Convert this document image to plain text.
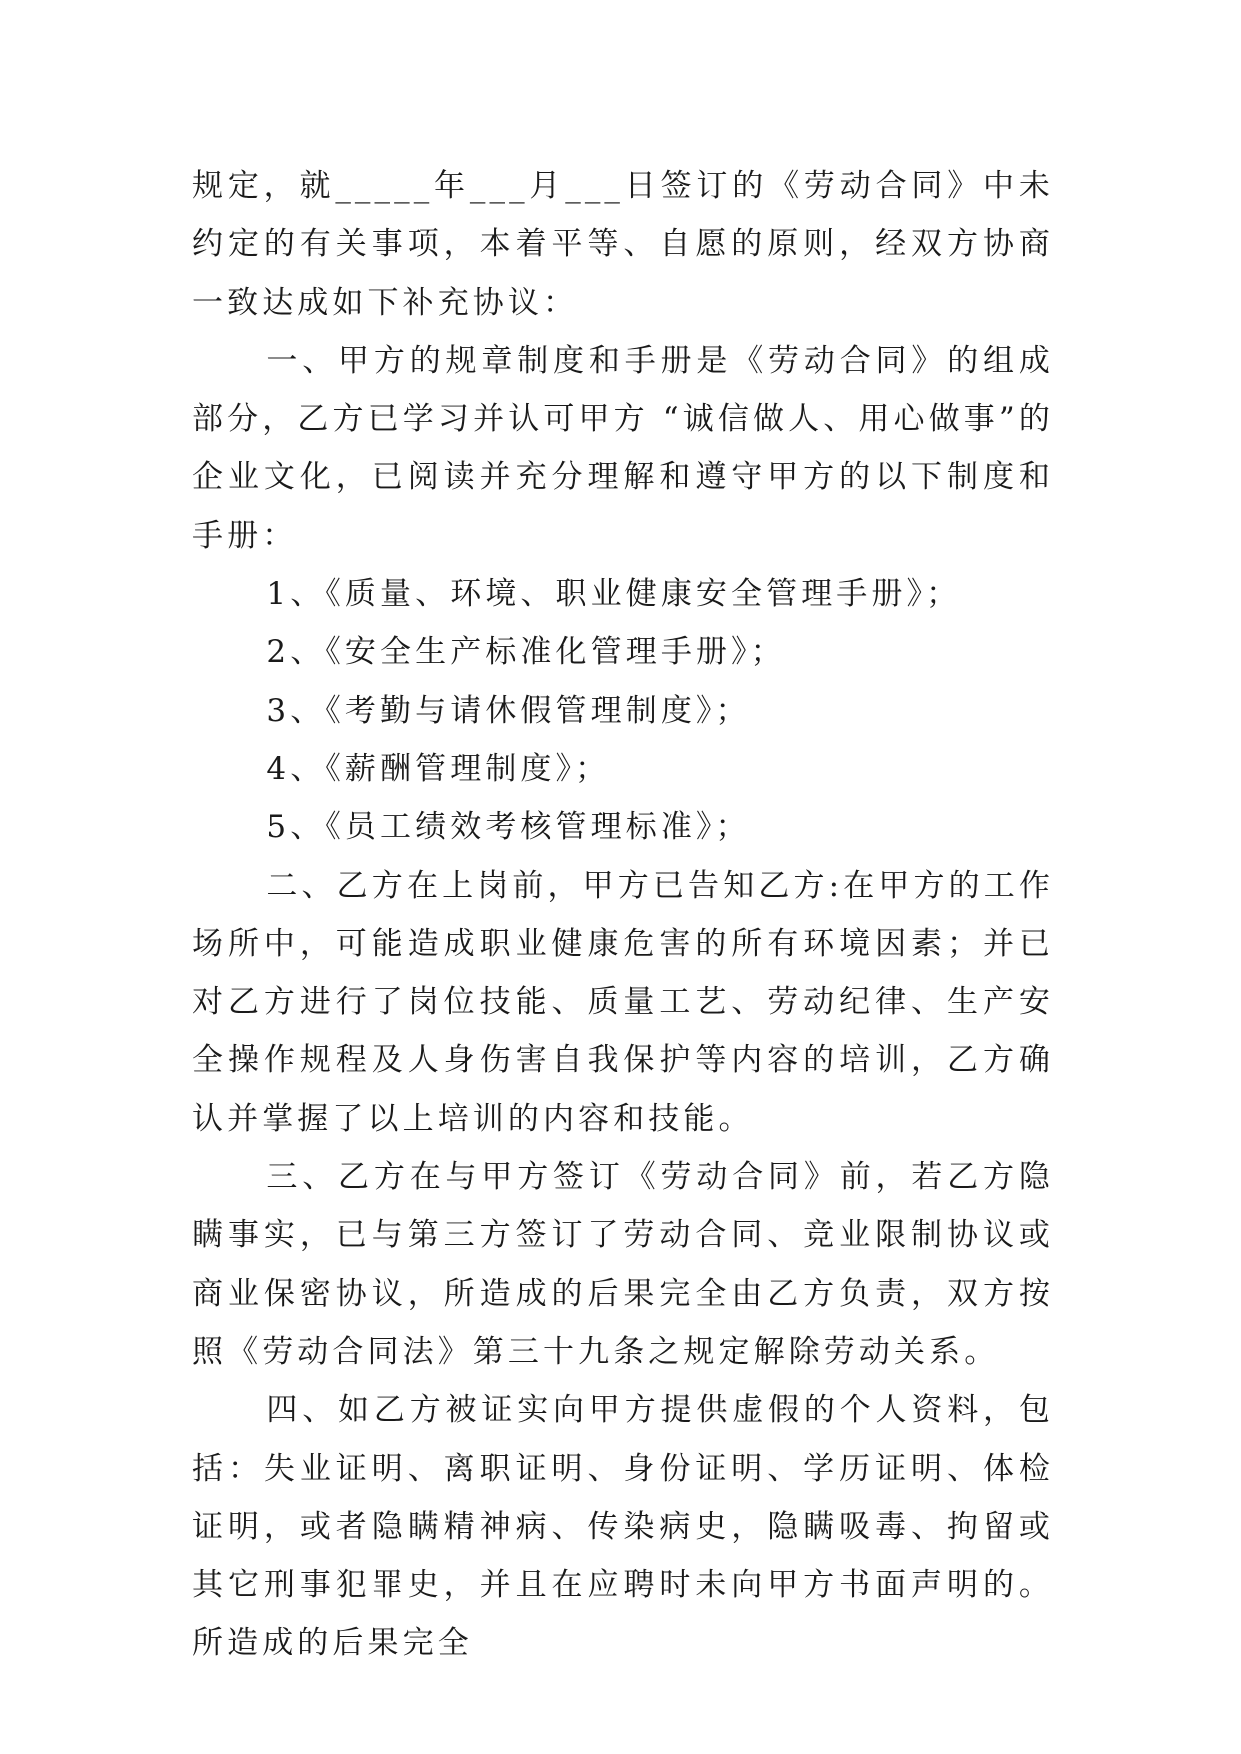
规定，就_____年___月___日签订的《劳动合同》中未约定的有关事项，本着平等、自愿的原则，经双方协商一致达成如下补充协议：

一、甲方的规章制度和手册是《劳动合同》的组成部分，乙方已学习并认可甲方 “诚信做人、用心做事”的企业文化，已阅读并充分理解和遵守甲方的以下制度和手册：

1、《质量、环境、职业健康安全管理手册》；

2、《安全生产标准化管理手册》；

3、《考勤与请休假管理制度》；

4、《薪酬管理制度》；

5、《员工绩效考核管理标准》；

二、乙方在上岗前，甲方已告知乙方:在甲方的工作场所中，可能造成职业健康危害的所有环境因素；并已对乙方进行了岗位技能、质量工艺、劳动纪律、生产安全操作规程及人身伤害自我保护等内容的培训，乙方确认并掌握了以上培训的内容和技能。

三、乙方在与甲方签订《劳动合同》前，若乙方隐瞒事实，已与第三方签订了劳动合同、竞业限制协议或商业保密协议，所造成的后果完全由乙方负责，双方按照《劳动合同法》第三十九条之规定解除劳动关系。

四、如乙方被证实向甲方提供虚假的个人资料，包括：失业证明、离职证明、身份证明、学历证明、体检证明，或者隐瞒精神病、传染病史，隐瞒吸毒、拘留或其它刑事犯罪史，并且在应聘时未向甲方书面声明的。所造成的后果完全
